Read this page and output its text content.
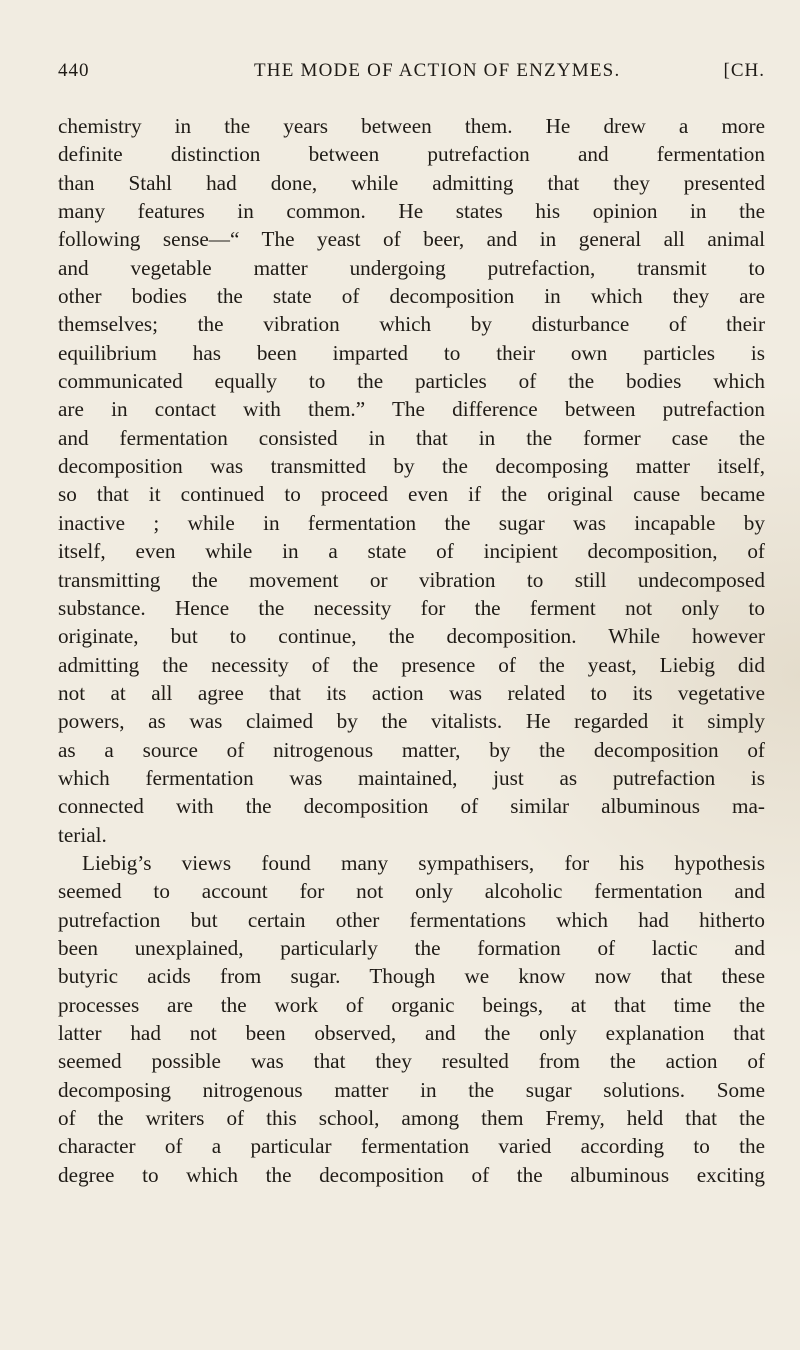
440	THE MODE OF ACTION OF ENZYMES.	[CH.
chemistry in the years between them. He drew a more
definite distinction between putrefaction and fermentation
than Stahl had done, while admitting that they presented
many features in common. He states his opinion in the
following sense—“ The yeast of beer, and in general all animal
and vegetable matter undergoing putrefaction, transmit to
other bodies the state of decomposition in which they are
themselves; the vibration which by disturbance of their
equilibrium has been imparted to their own particles is
communicated equally to the particles of the bodies which
are in contact with them.” The difference between putrefaction
and fermentation consisted in that in the former case the
decomposition was transmitted by the decomposing matter itself,
so that it continued to proceed even if the original cause became
inactive ; while in fermentation the sugar was incapable by
itself, even while in a state of incipient decomposition, of
transmitting the movement or vibration to still undecomposed
substance. Hence the necessity for the ferment not only to
originate, but to continue, the decomposition. While however
admitting the necessity of the presence of the yeast, Liebig did
not at all agree that its action was related to its vegetative
powers, as was claimed by the vitalists. He regarded it simply
as a source of nitrogenous matter, by the decomposition of
which fermentation was maintained, just as putrefaction is
connected with the decomposition of similar albuminous ma-
terial.
Liebig’s views found many sympathisers, for his hypothesis
seemed to account for not only alcoholic fermentation and
putrefaction but certain other fermentations which had hitherto
been unexplained, particularly the formation of lactic and
butyric acids from sugar. Though we know now that these
processes are the work of organic beings, at that time the
latter had not been observed, and the only explanation that
seemed possible was that they resulted from the action of
decomposing nitrogenous matter in the sugar solutions. Some
of the writers of this school, among them Fremy, held that the
character of a particular fermentation varied according to the
degree to which the decomposition of the albuminous exciting
